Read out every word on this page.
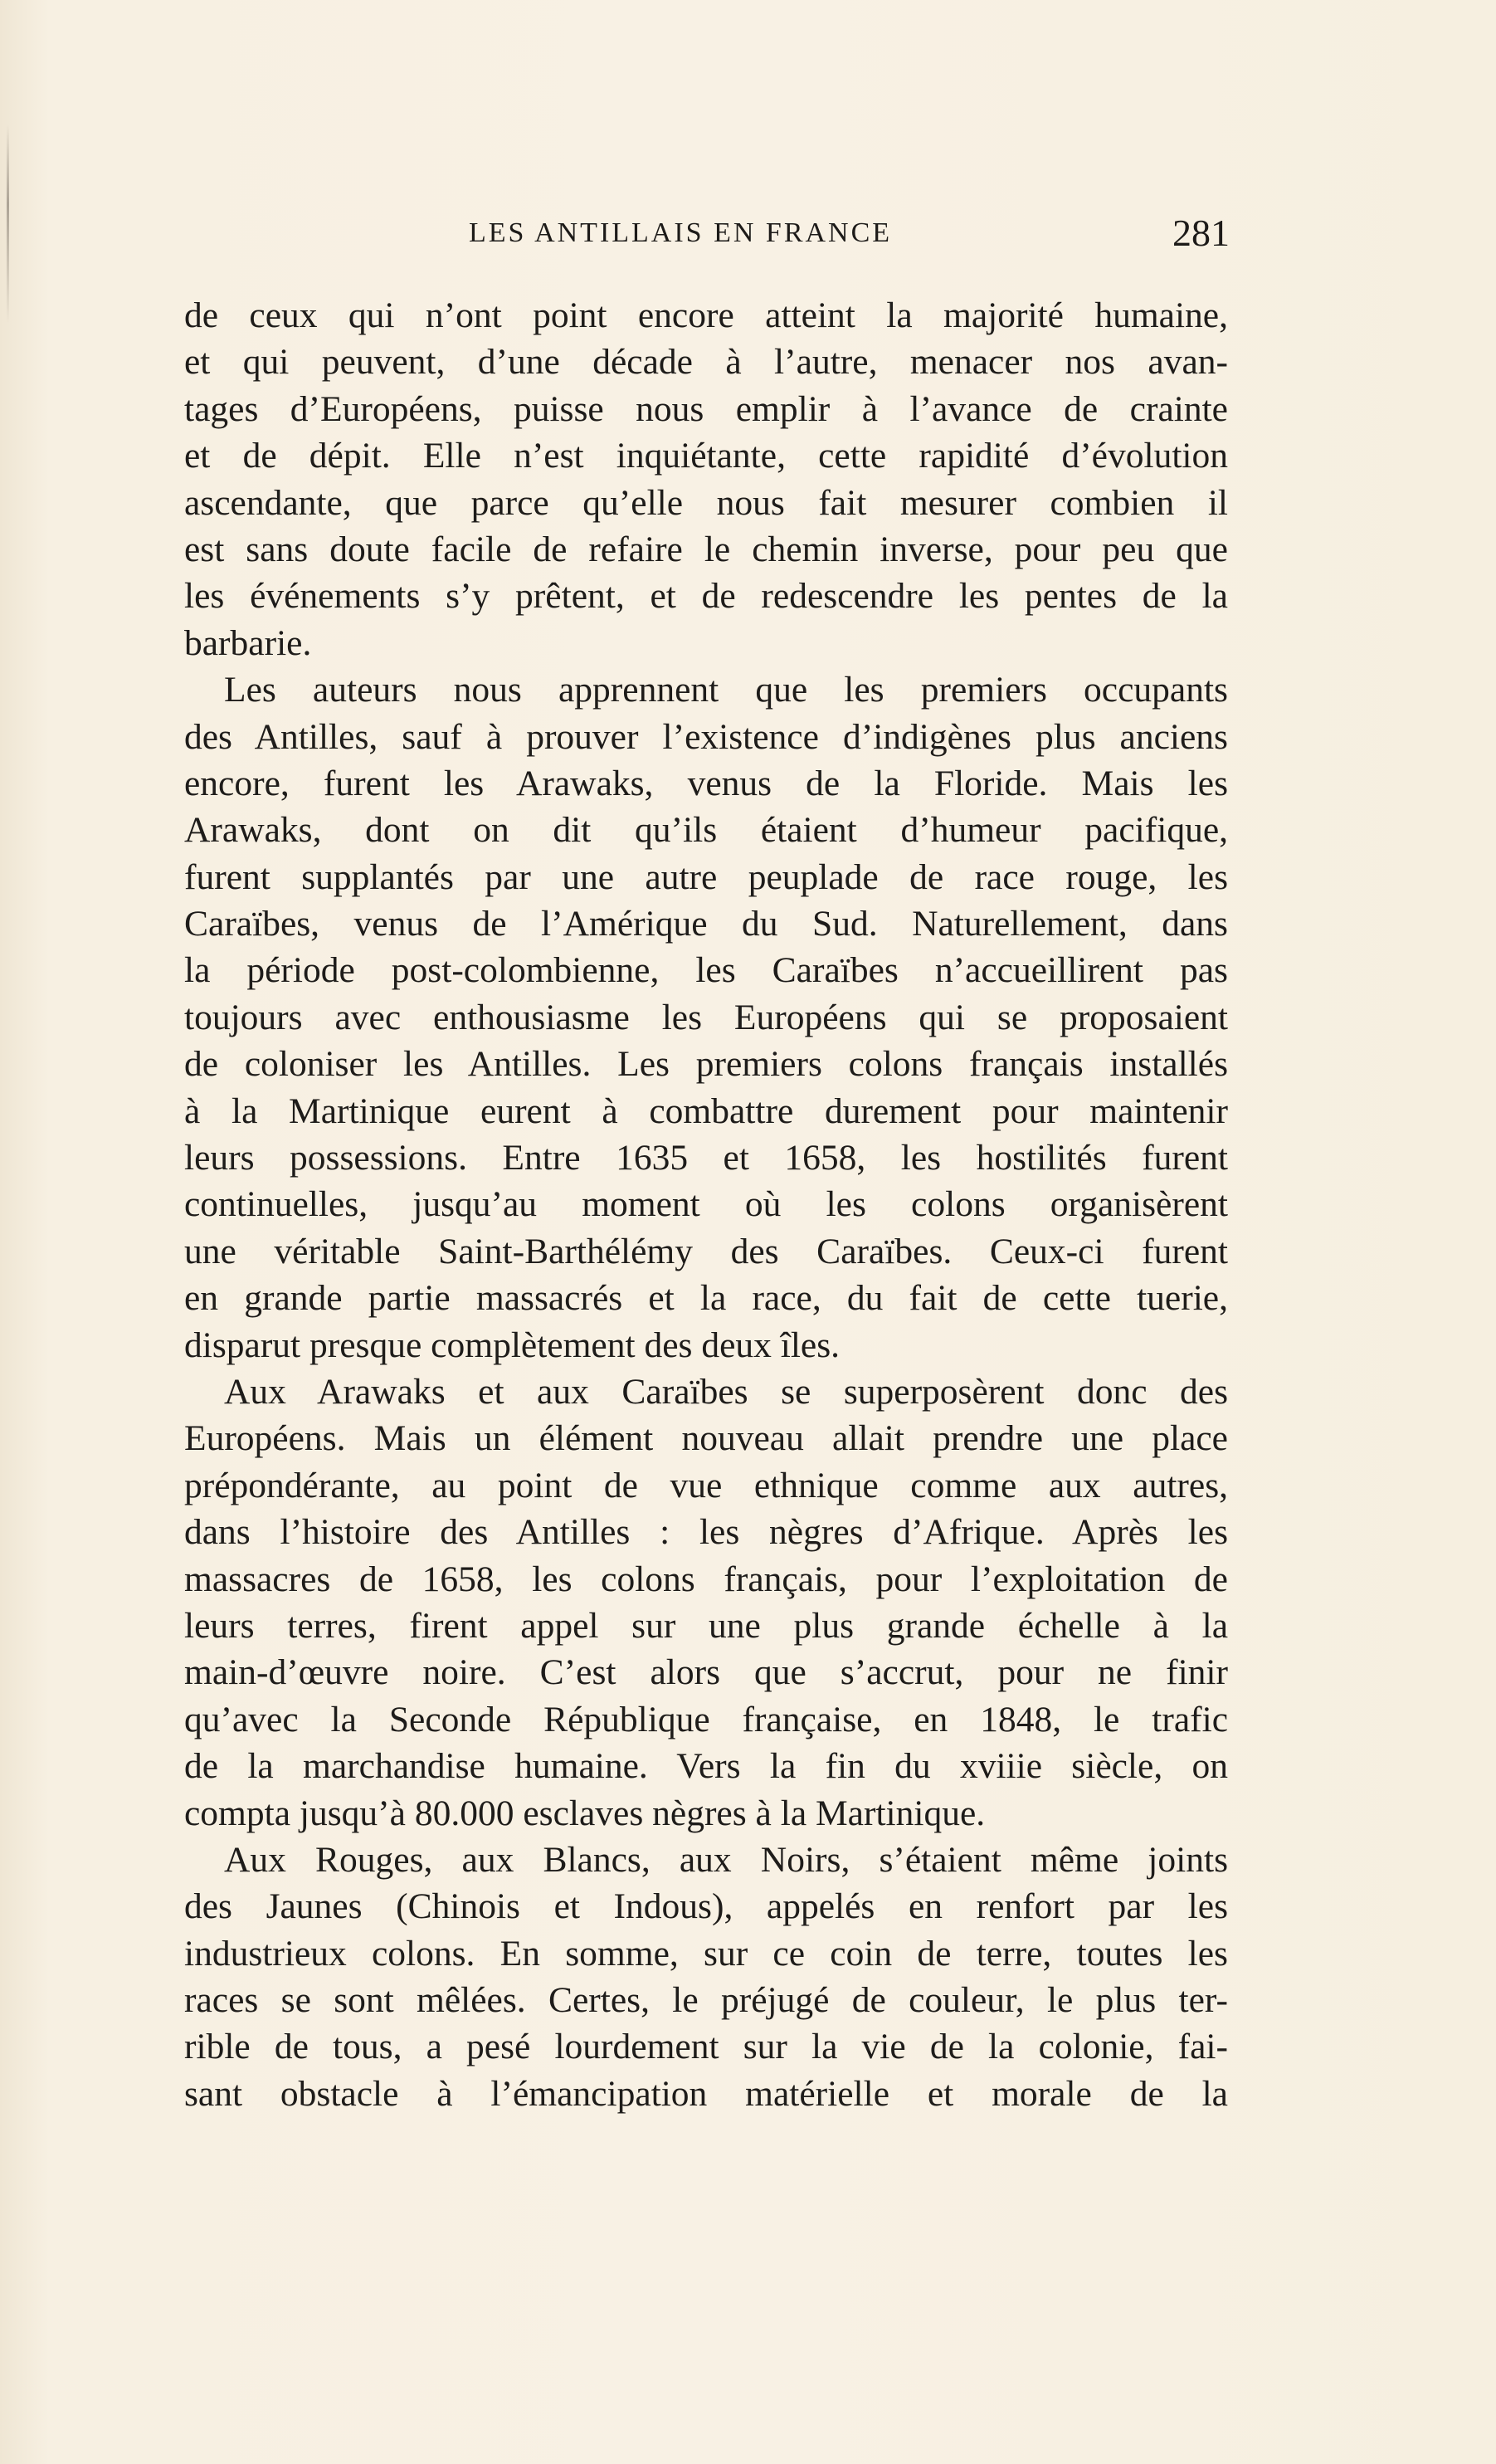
LES ANTILLAIS EN FRANCE	281
de ceux qui n’ont point encore atteint la majorité humaine,
et qui peuvent, d’une décade à l’autre, menacer nos avan-
tages d’Européens, puisse nous emplir à l’avance de crainte
et de dépit. Elle n’est inquiétante, cette rapidité d’évolution
ascendante, que parce qu’elle nous fait mesurer combien il
est sans doute facile de refaire le chemin inverse, pour peu que
les événements s’y prêtent, et de redescendre les pentes de la
barbarie.
Les auteurs nous apprennent que les premiers occupants
des Antilles, sauf à prouver l’existence d’indigènes plus anciens
encore, furent les Arawaks, venus de la Floride. Mais les
Arawaks, dont on dit qu’ils étaient d’humeur pacifique,
furent supplantés par une autre peuplade de race rouge, les
Caraïbes, venus de l’Amérique du Sud. Naturellement, dans
la période post-colombienne, les Caraïbes n’accueillirent pas
toujours avec enthousiasme les Européens qui se proposaient
de coloniser les Antilles. Les premiers colons français installés
à la Martinique eurent à combattre durement pour maintenir
leurs possessions. Entre 1635 et 1658, les hostilités furent
continuelles, jusqu’au moment où les colons organisèrent
une véritable Saint-Barthélémy des Caraïbes. Ceux-ci furent
en grande partie massacrés et la race, du fait de cette tuerie,
disparut presque complètement des deux îles.
Aux Arawaks et aux Caraïbes se superposèrent donc des
Européens. Mais un élément nouveau allait prendre une place
prépondérante, au point de vue ethnique comme aux autres,
dans l’histoire des Antilles : les nègres d’Afrique. Après les
massacres de 1658, les colons français, pour l’exploitation de
leurs terres, firent appel sur une plus grande échelle à la
main-d’œuvre noire. C’est alors que s’accrut, pour ne finir
qu’avec la Seconde République française, en 1848, le trafic
de la marchandise humaine. Vers la fin du xviiie siècle, on
compta jusqu’à 80.000 esclaves nègres à la Martinique.
Aux Rouges, aux Blancs, aux Noirs, s’étaient même joints
des Jaunes (Chinois et Indous), appelés en renfort par les
industrieux colons. En somme, sur ce coin de terre, toutes les
races se sont mêlées. Certes, le préjugé de couleur, le plus ter-
rible de tous, a pesé lourdement sur la vie de la colonie, fai-
sant obstacle à l’émancipation matérielle et morale de la
